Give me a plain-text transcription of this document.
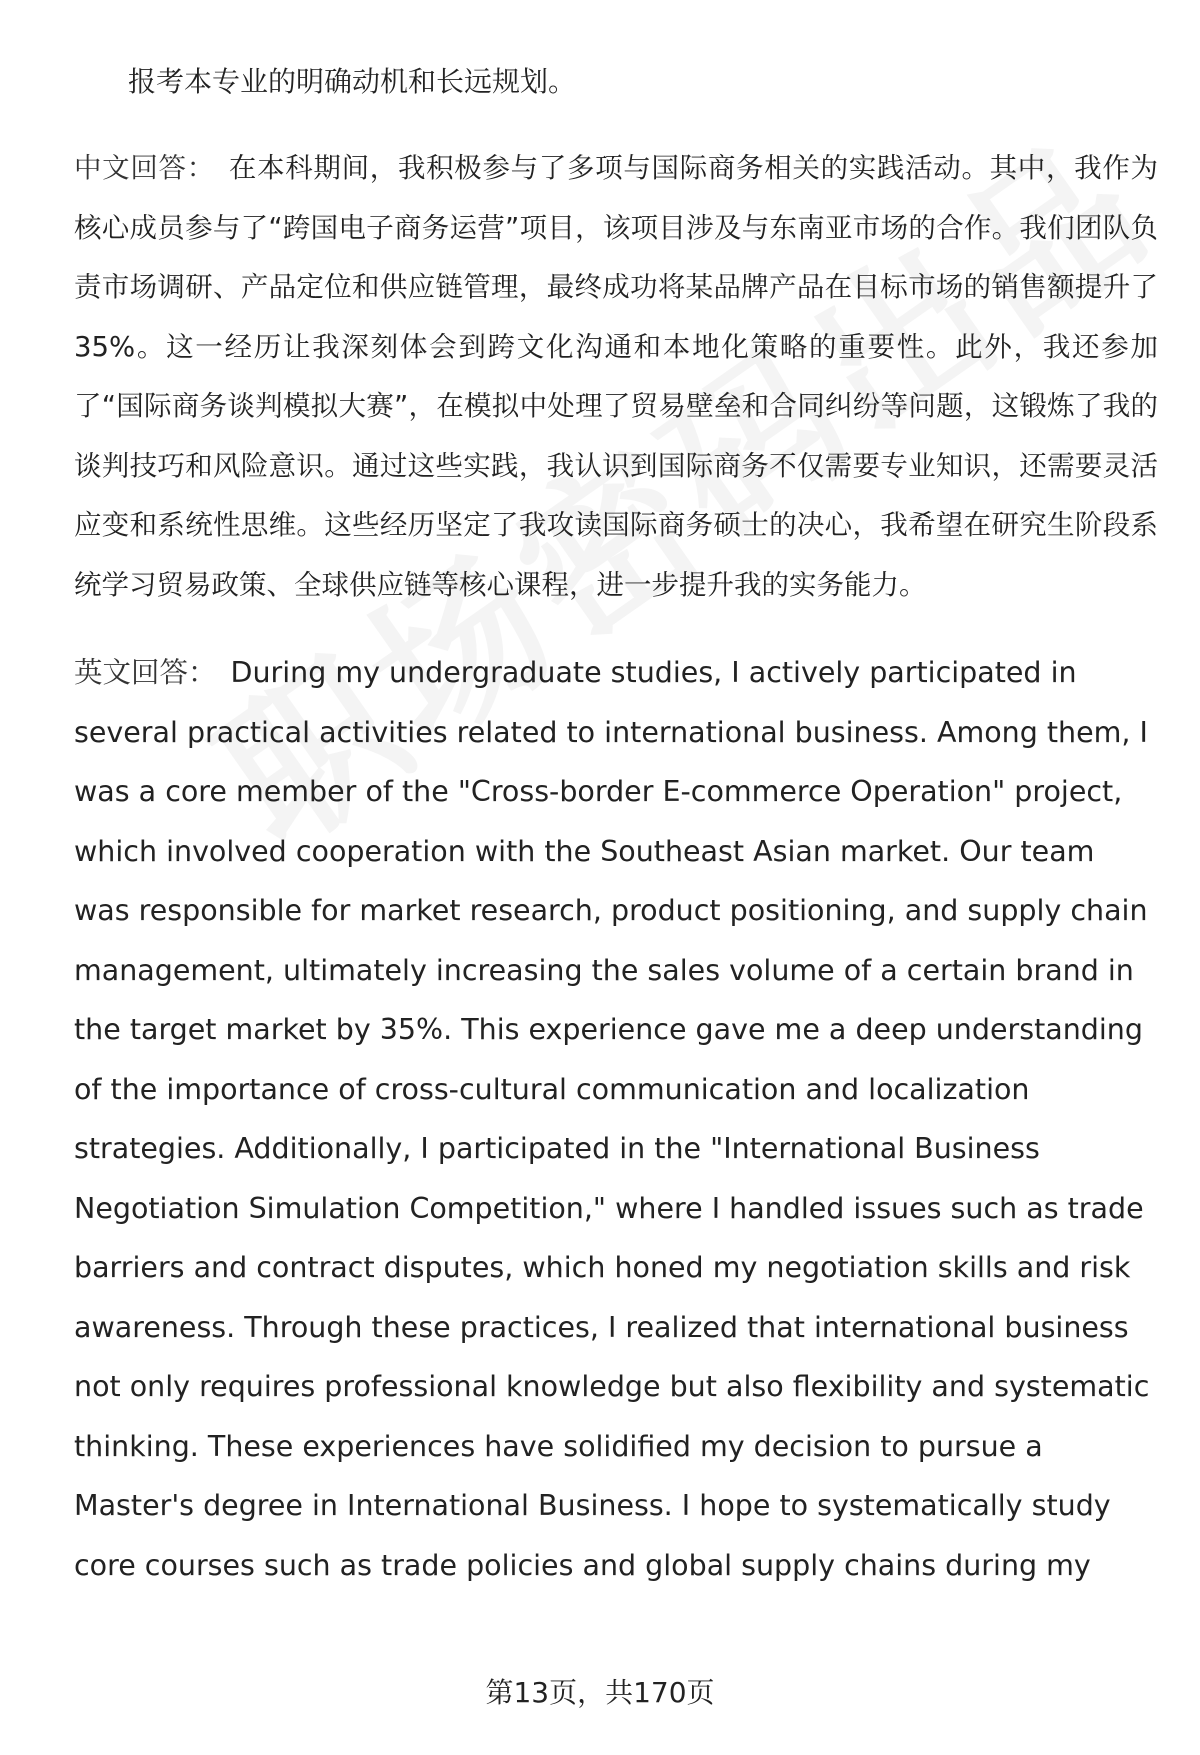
报考本专业的明确动机和长远规划。

中文回答： 在本科期间，我积极参与了多项与国际商务相关的实践活动。其中，我作为核心成员参与了“跨国电子商务运营”项目，该项目涉及与东南亚市场的合作。我们团队负责市场调研、产品定位和供应链管理，最终成功将某品牌产品在目标市场的销售额提升了35%。这一经历让我深刻体会到跨文化沟通和本地化策略的重要性。此外，我还参加了“国际商务谈判模拟大赛”，在模拟中处理了贸易壁垒和合同纠纷等问题，这锻炼了我的谈判技巧和风险意识。通过这些实践，我认识到国际商务不仅需要专业知识，还需要灵活应变和系统性思维。这些经历坚定了我攻读国际商务硕士的决心，我希望在研究生阶段系统学习贸易政策、全球供应链等核心课程，进一步提升我的实务能力。

英文回答： During my undergraduate studies, I actively participated in several practical activities related to international business. Among them, I was a core member of the "Cross-border E-commerce Operation" project, which involved cooperation with the Southeast Asian market. Our team was responsible for market research, product positioning, and supply chain management, ultimately increasing the sales volume of a certain brand in the target market by 35%. This experience gave me a deep understanding of the importance of cross-cultural communication and localization strategies. Additionally, I participated in the "International Business Negotiation Simulation Competition," where I handled issues such as trade barriers and contract disputes, which honed my negotiation skills and risk awareness. Through these practices, I realized that international business not only requires professional knowledge but also flexibility and systematic thinking. These experiences have solidified my decision to pursue a Master's degree in International Business. I hope to systematically study core courses such as trade policies and global supply chains during my

第13页，共170页
